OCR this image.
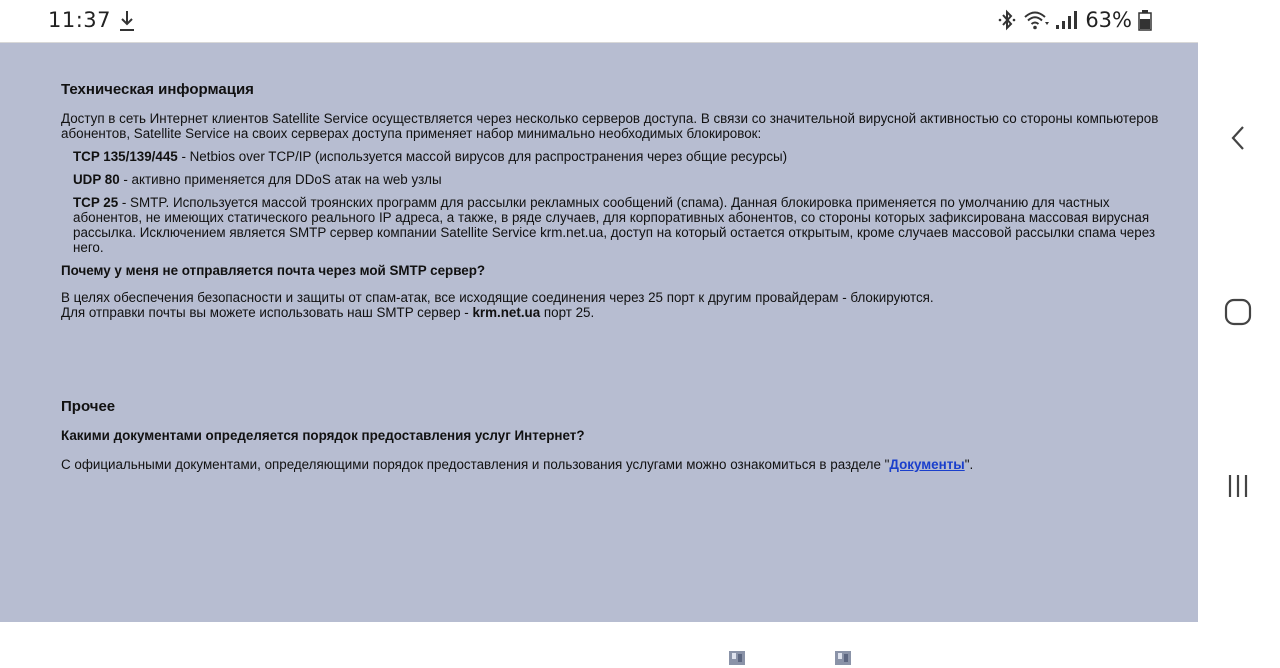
11:37	63%
Техническая информация

Доступ в сеть Интернет клиентов Satellite Service осуществляется через несколько серверов доступа. В связи со значительной вирусной активностью со стороны компьютеров абонентов, Satellite Service на своих серверах доступа применяет набор минимально необходимых блокировок:

TCP 135/139/445 - Netbios over TCP/IP (используется массой вирусов для распространения через общие ресурсы)

UDP 80 - активно применяется для DDoS атак на web узлы

TCP 25 - SMTP. Используется массой троянских программ для рассылки рекламных сообщений (спама). Данная блокировка применяется по умолчанию для частных абонентов, не имеющих статического реального IP адреса, а также, в ряде случаев, для корпоративных абонентов, со стороны которых зафиксирована массовая вирусная рассылка. Исключением является SMTP сервер компании Satellite Service krm.net.ua, доступ на который остается открытым, кроме случаев массовой рассылки спама через него.

Почему у меня не отправляется почта через мой SMTP сервер?

В целях обеспечения безопасности и защиты от спам-атак, все исходящие соединения через 25 порт к другим провайдерам - блокируются.
Для отправки почты вы можете использовать наш SMTP сервер - krm.net.ua порт 25.

Прочее

Какими документами определяется порядок предоставления услуг Интернет?

С официальными документами, определяющими порядок предоставления и пользования услугами можно ознакомиться в разделе "Документы".
